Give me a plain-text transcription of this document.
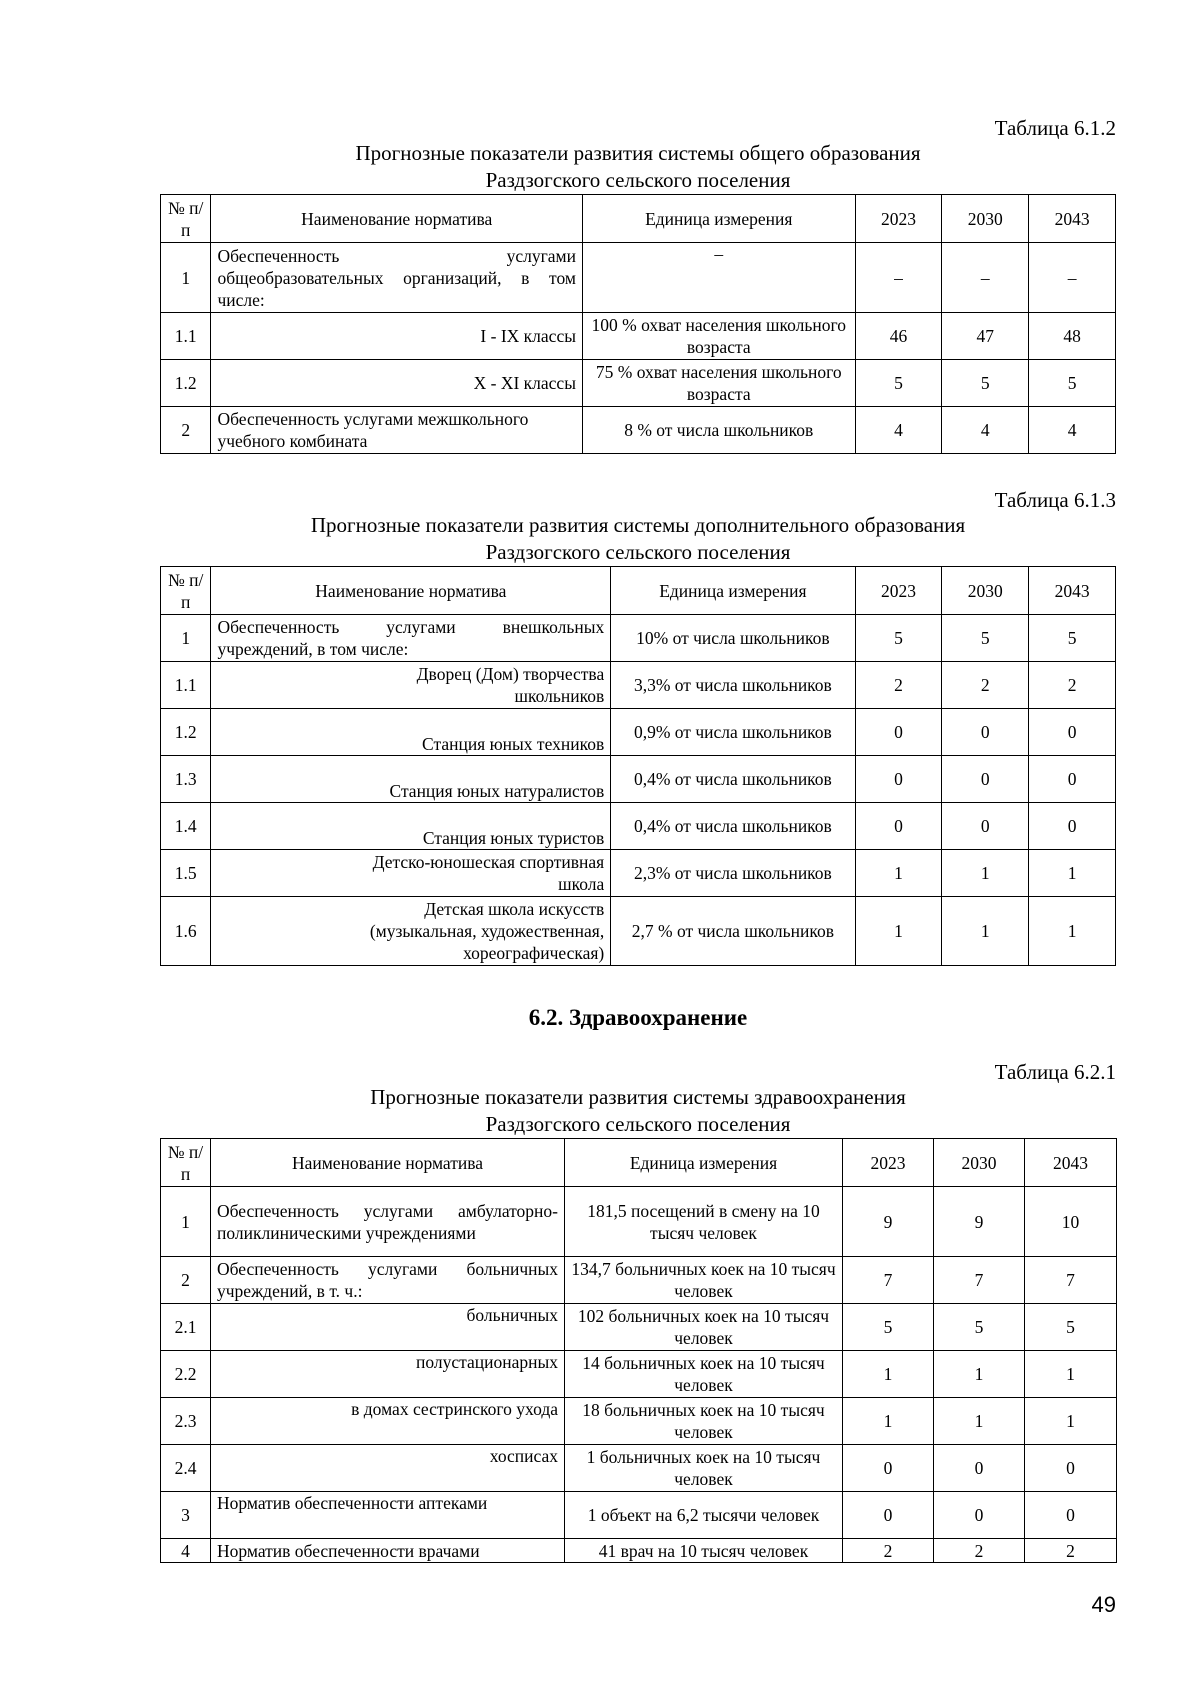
Таблица 6.1.2
Прогнозные показатели развития системы общего образования
Раздзогского сельского поселения
№ п/п	Наименование норматива	Единица измерения	2023	2030	2043
1	Обеспеченность услугами общеобразовательных организаций, в том числе:	–	–	–	–
1.1	I - IX классы	100 % охват населения школьного возраста	46	47	48
1.2	X - XI классы	75 % охват населения школьного возраста	5	5	5
2	Обеспеченность услугами межшкольного учебного комбината	8 % от числа школьников	4	4	4
Таблица 6.1.3
Прогнозные показатели развития системы дополнительного образования
Раздзогского сельского поселения
№ п/п	Наименование норматива	Единица измерения	2023	2030	2043
1	Обеспеченность услугами внешкольных учреждений, в том числе:	10% от числа школьников	5	5	5
1.1	Дворец (Дом) творчества школьников	3,3% от числа школьников	2	2	2
1.2	Станция юных техников	0,9% от числа школьников	0	0	0
1.3	Станция юных натуралистов	0,4% от числа школьников	0	0	0
1.4	Станция юных туристов	0,4% от числа школьников	0	0	0
1.5	Детско-юношеская спортивная школа	2,3% от числа школьников	1	1	1
1.6	Детская школа искусств (музыкальная, художественная, хореографическая)	2,7 % от числа школьников	1	1	1
6.2. Здравоохранение
Таблица 6.2.1
Прогнозные показатели развития системы здравоохранения
Раздзогского сельского поселения
№ п/п	Наименование норматива	Единица измерения	2023	2030	2043
1	Обеспеченность услугами амбулаторно-поликлиническими учреждениями	181,5 посещений в смену на 10 тысяч человек	9	9	10
2	Обеспеченность услугами больничных учреждений, в т. ч.:	134,7 больничных коек на 10 тысяч человек	7	7	7
2.1	больничных	102 больничных коек на 10 тысяч человек	5	5	5
2.2	полустационарных	14 больничных коек на 10 тысяч человек	1	1	1
2.3	в домах сестринского ухода	18 больничных коек на 10 тысяч человек	1	1	1
2.4	хосписах	1 больничных коек на 10 тысяч человек	0	0	0
3	Норматив обеспеченности аптеками	1 объект на 6,2 тысячи человек	0	0	0
4	Норматив обеспеченности врачами	41 врач на 10 тысяч человек	2	2	2
49
